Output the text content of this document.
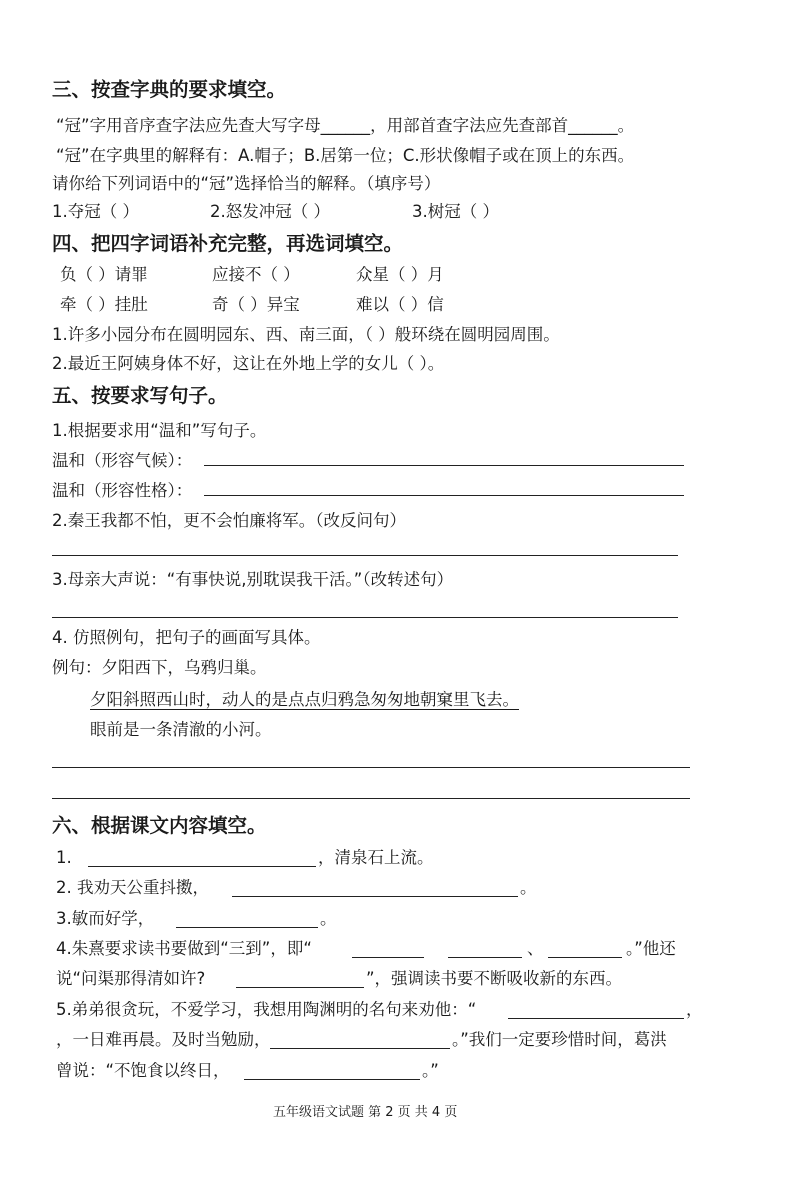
三、按查字典的要求填空。
“冠”字用音序查字法应先查大写字母______，用部首查字法应先查部首______。
“冠”在字典里的解释有：A.帽子；B.居第一位；C.形状像帽子或在顶上的东西。
请你给下列词语中的“冠”选择恰当的解释。（填序号）
1.夺冠（ ）	2.怒发冲冠（ ）	3.树冠（ ）
四、把四字词语补充完整，再选词填空。
负（ ）请罪	应接不（ ）	众星（ ）月
牵（ ）挂肚	奇（ ）异宝	难以（ ）信
1.许多小园分布在圆明园东、西、南三面，（ ）般环绕在圆明园周围。
2.最近王阿姨身体不好，这让在外地上学的女儿（ ）。
五、按要求写句子。
1.根据要求用“温和”写句子。
温和（形容气候）：
温和（形容性格）：
2.秦王我都不怕，更不会怕廉将军。（改反问句）
3.母亲大声说：“有事快说,别耽误我干活。”（改转述句）
4. 仿照例句，把句子的画面写具体。
例句：夕阳西下，乌鸦归巢。
夕阳斜照西山时，动人的是点点归鸦急匆匆地朝窠里飞去。
眼前是一条清澈的小河。
六、根据课文内容填空。
1.	，清泉石上流。
2. 我劝天公重抖擞，	。
3.敏而好学，	。
4.朱熹要求读书要做到“三到”，即“	、	。”他还
说“问渠那得清如许?	”，强调读书要不断吸收新的东西。
5.弟弟很贪玩，不爱学习，我想用陶渊明的名句来劝他：“	，
，一日难再晨。及时当勉励，	。”我们一定要珍惜时间，葛洪
曾说：“不饱食以终日，	。”
五年级语文试题 第 2 页 共 4 页
